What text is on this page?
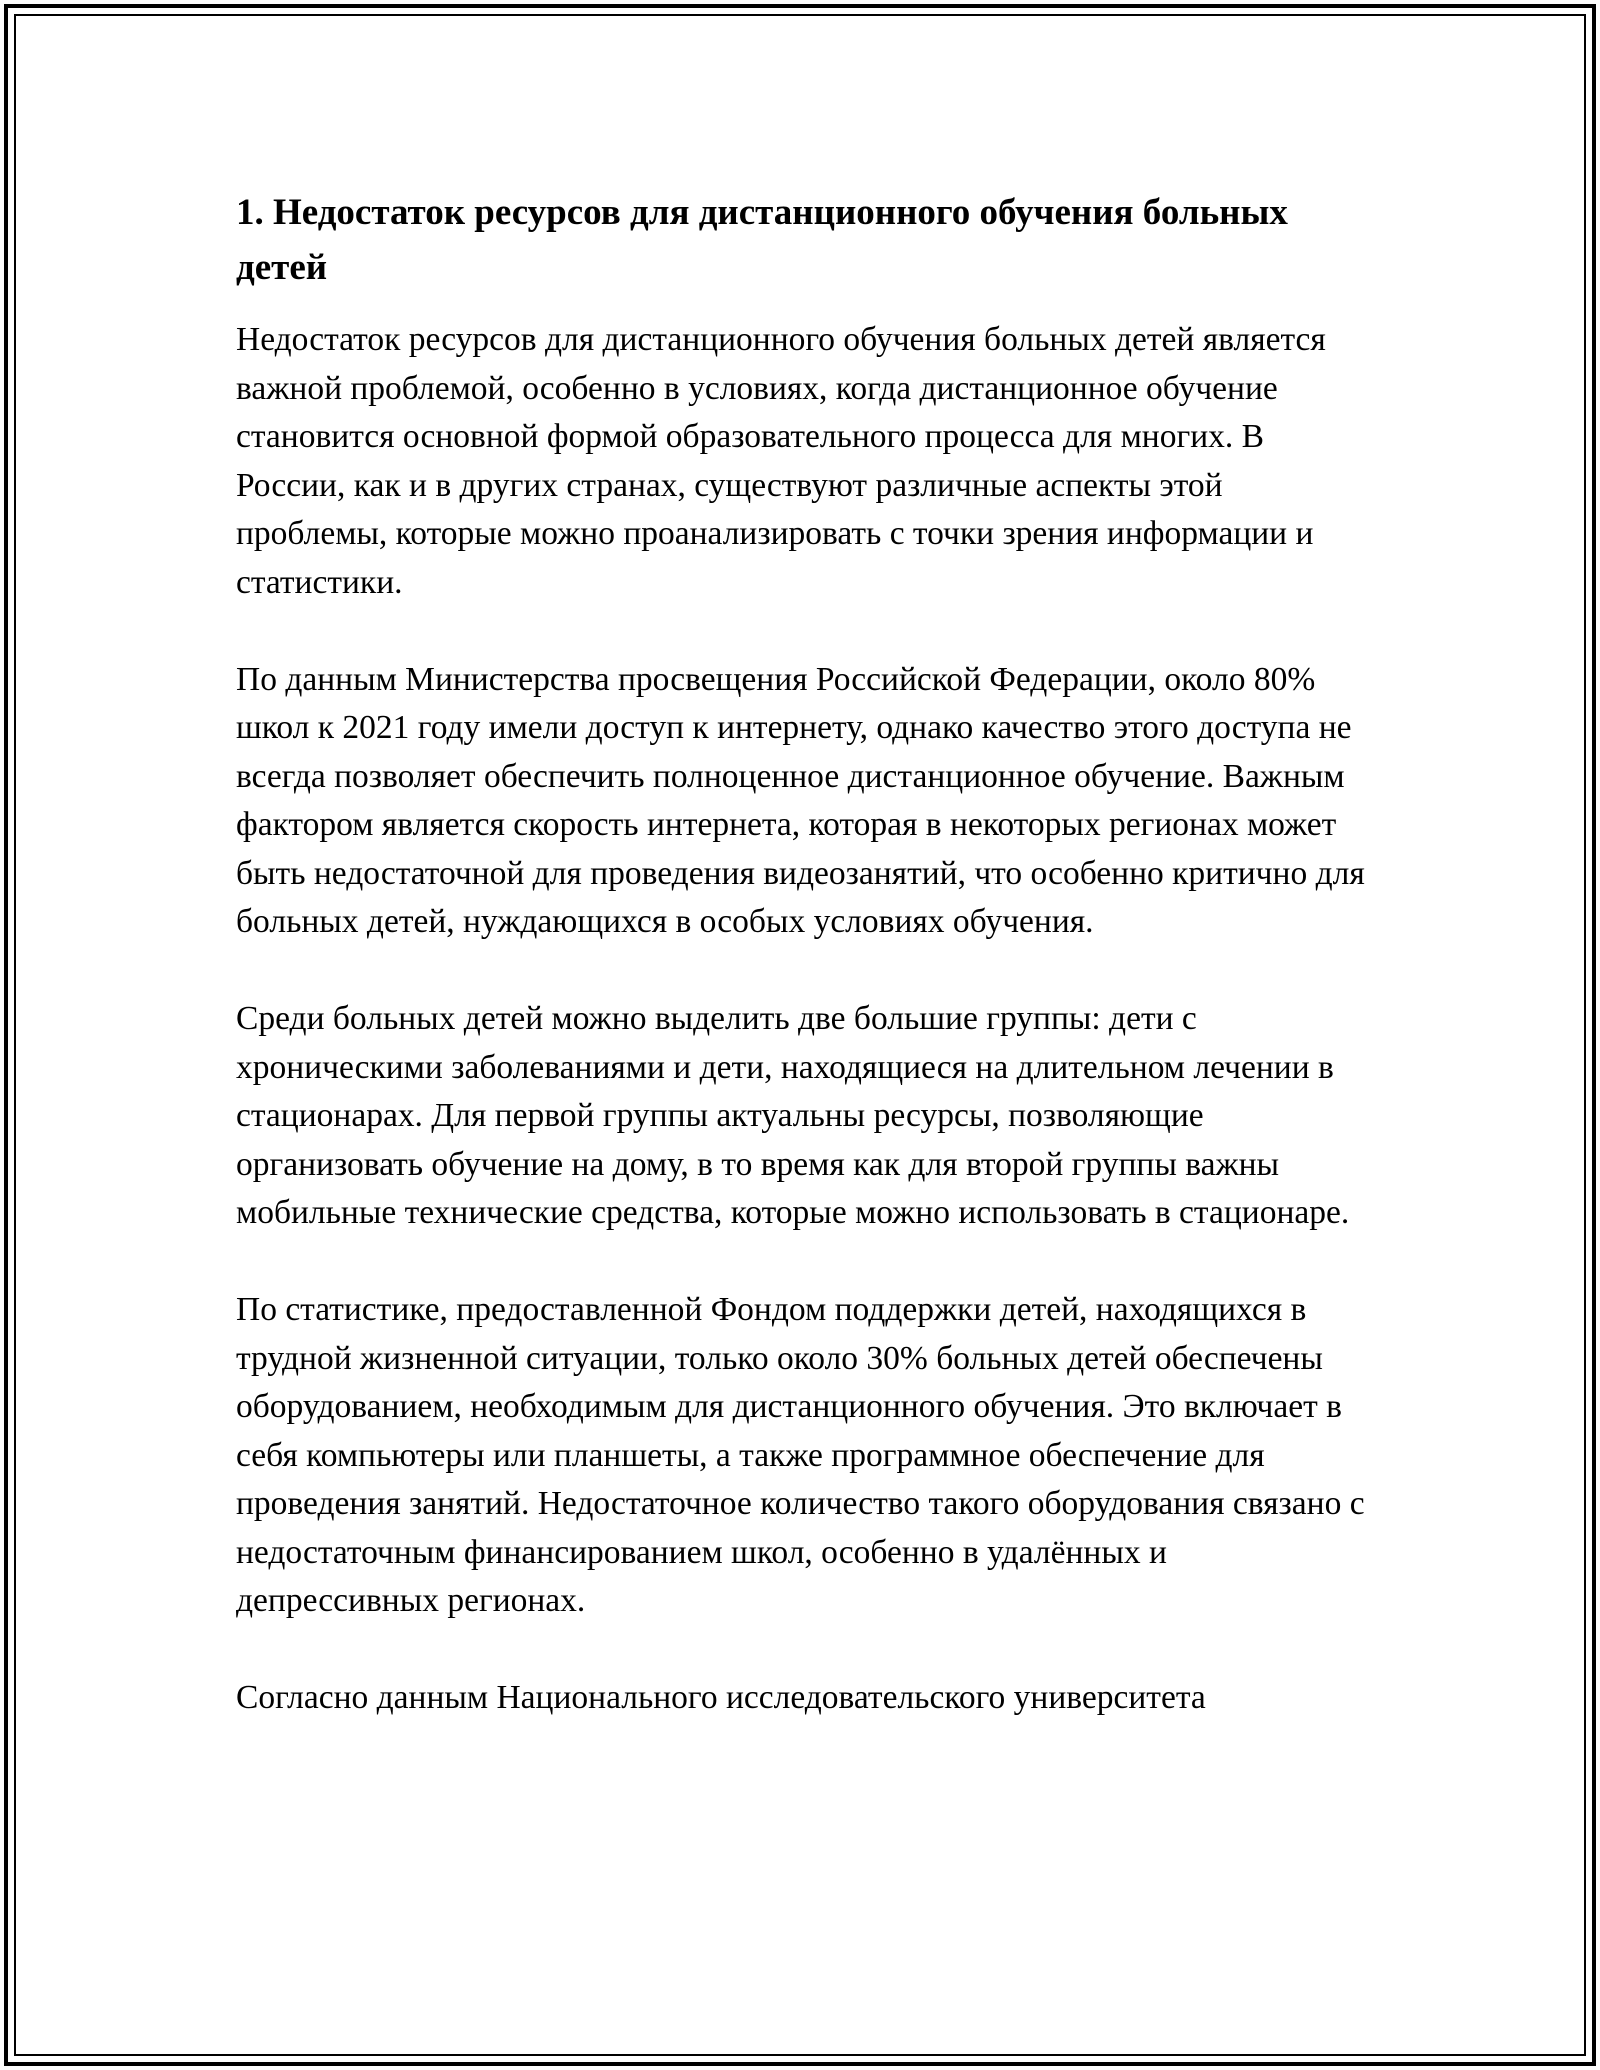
1. Недостаток ресурсов для дистанционного обучения больных детей

Недостаток ресурсов для дистанционного обучения больных детей является важной проблемой, особенно в условиях, когда дистанционное обучение становится основной формой образовательного процесса для многих. В России, как и в других странах, существуют различные аспекты этой проблемы, которые можно проанализировать с точки зрения информации и статистики.

По данным Министерства просвещения Российской Федерации, около 80% школ к 2021 году имели доступ к интернету, однако качество этого доступа не всегда позволяет обеспечить полноценное дистанционное обучение. Важным фактором является скорость интернета, которая в некоторых регионах может быть недостаточной для проведения видеозанятий, что особенно критично для больных детей, нуждающихся в особых условиях обучения.

Среди больных детей можно выделить две большие группы: дети с хроническими заболеваниями и дети, находящиеся на длительном лечении в стационарах. Для первой группы актуальны ресурсы, позволяющие организовать обучение на дому, в то время как для второй группы важны мобильные технические средства, которые можно использовать в стационаре.

По статистике, предоставленной Фондом поддержки детей, находящихся в трудной жизненной ситуации, только около 30% больных детей обеспечены оборудованием, необходимым для дистанционного обучения. Это включает в себя компьютеры или планшеты, а также программное обеспечение для проведения занятий. Недостаточное количество такого оборудования связано с недостаточным финансированием школ, особенно в удалённых и депрессивных регионах.

Согласно данным Национального исследовательского университета
